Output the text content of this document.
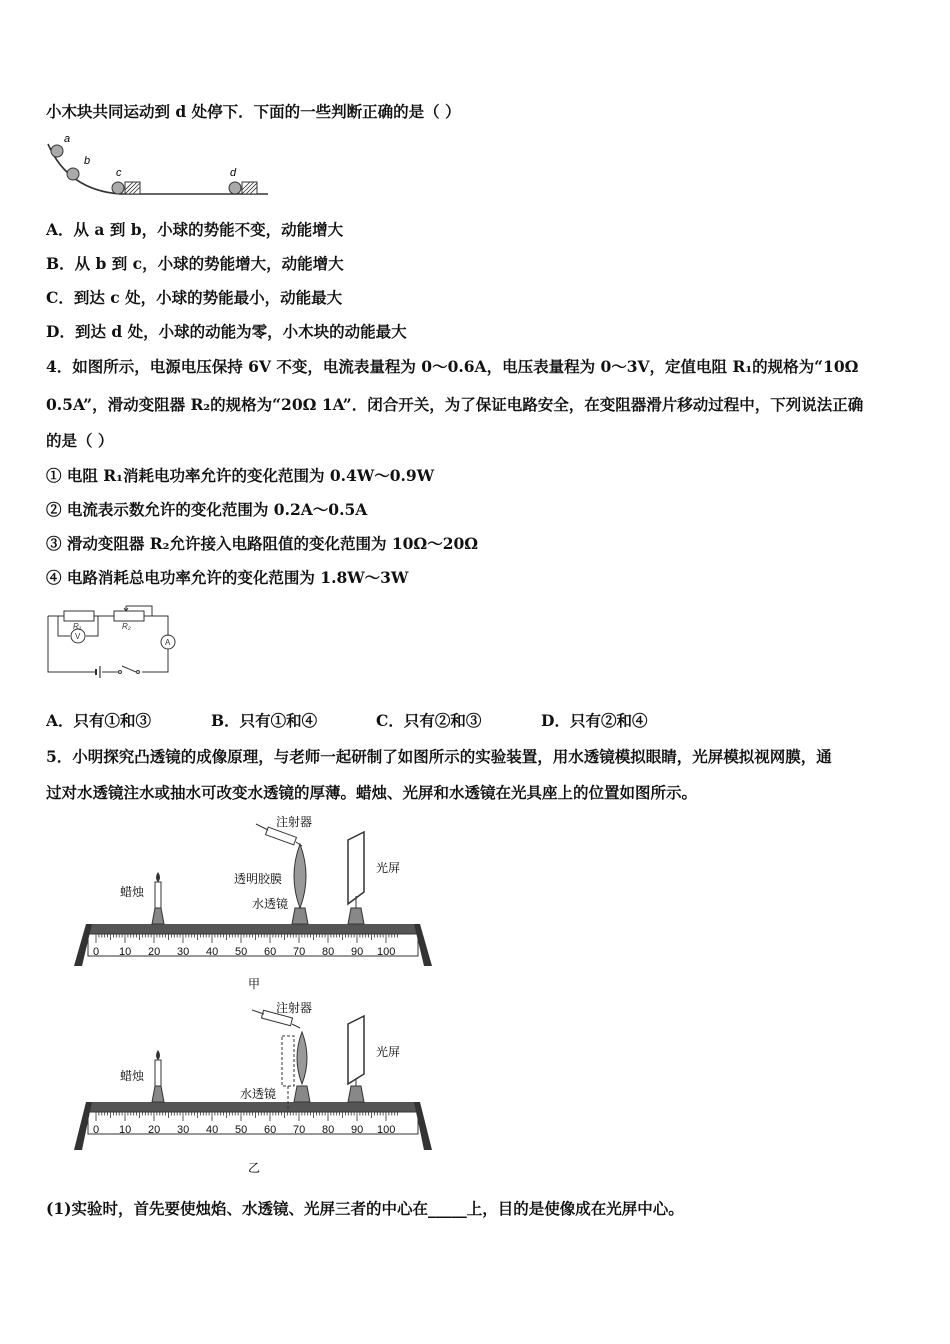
小木块共同运动到 d 处停下．下面的一些判断正确的是（ ）
a
b
c	d
A．从 a 到 b，小球的势能不变，动能增大
B．从 b 到 c，小球的势能增大，动能增大
C．到达 c 处，小球的势能最小，动能最大
D．到达 d 处，小球的动能为零，小木块的动能最大
4．如图所示，电源电压保持 6V 不变，电流表量程为 0～0.6A，电压表量程为 0～3V，定值电阻 R₁的规格为“10Ω
0.5A”，滑动变阻器 R₂的规格为“20Ω 1A”．闭合开关，为了保证电路安全，在变阻器滑片移动过程中，下列说法正确
的是（ ）
① 电阻 R₁消耗电功率允许的变化范围为 0.4W～0.9W
② 电流表示数允许的变化范围为 0.2A～0.5A
③ 滑动变阻器 R₂允许接入电路阻值的变化范围为 10Ω～20Ω
④ 电路消耗总电功率允许的变化范围为 1.8W～3W
R₁	R₂
V
A
A．只有①和③	B．只有①和④	C．只有②和③	D．只有②和④
5．小明探究凸透镜的成像原理，与老师一起研制了如图所示的实验装置，用水透镜模拟眼睛，光屏模拟视网膜，通
过对水透镜注水或抽水可改变水透镜的厚薄。蜡烛、光屏和水透镜在光具座上的位置如图所示。
0 10 20 30 40 50 60 70 80 90 100
注射器
透明胶膜
蜡烛
水透镜
光屏
甲
0 10 20 30 40 50 60 70 80 90 100
注射器
蜡烛
水透镜
光屏
乙
(1)实验时，首先要使烛焰、水透镜、光屏三者的中心在_____上，目的是使像成在光屏中心。
